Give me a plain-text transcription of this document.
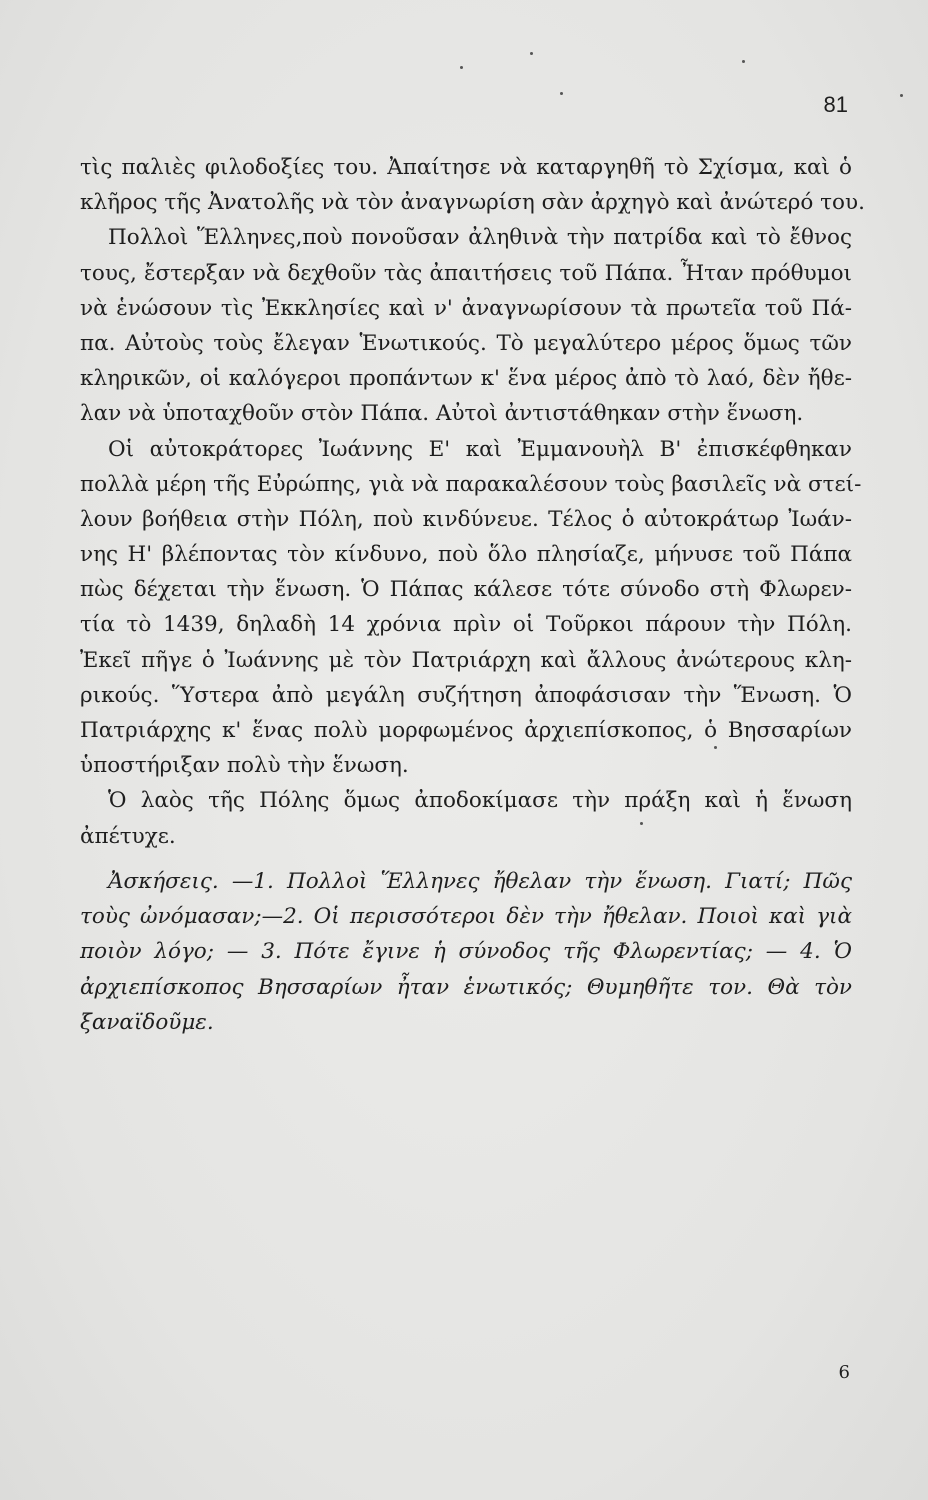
81
τὶς παλιὲς φιλοδοξίες του. Ἀπαίτησε νὰ καταργηθῆ τὸ Σχίσμα, καὶ ὁ
κλῆρος τῆς Ἀνατολῆς νὰ τὸν ἀναγνωρίση σὰν ἀρχηγὸ καὶ ἀνώτερό του.
Πολλοὶ Ἕλληνες,ποὺ πονοῦσαν ἀληθινὰ τὴν πατρίδα καὶ τὸ ἔθνος
τους, ἔστερξαν νὰ δεχθοῦν τὰς ἀπαιτήσεις τοῦ Πάπα. Ἦταν πρόθυμοι
νὰ ἑνώσουν τὶς Ἐκκλησίες καὶ ν' ἀναγνωρίσουν τὰ πρωτεῖα τοῦ Πά-
πα. Αὐτοὺς τοὺς ἔλεγαν Ἑνωτικούς. Τὸ μεγαλύτερο μέρος ὅμως τῶν
κληρικῶν, οἱ καλόγεροι προπάντων κ' ἕνα μέρος ἀπὸ τὸ λαό, δὲν ἤθε-
λαν νὰ ὑποταχθοῦν στὸν Πάπα. Αὐτοὶ ἀντιστάθηκαν στὴν ἕνωση.
Οἱ αὐτοκράτορες Ἰωάννης Ε' καὶ Ἐμμανουὴλ Β' ἐπισκέφθηκαν
πολλὰ μέρη τῆς Εὐρώπης, γιὰ νὰ παρακαλέσουν τοὺς βασιλεῖς νὰ στεί-
λουν βοήθεια στὴν Πόλη, ποὺ κινδύνευε. Τέλος ὁ αὐτοκράτωρ Ἰωάν-
νης Η' βλέποντας τὸν κίνδυνο, ποὺ ὅλο πλησίαζε, μήνυσε τοῦ Πάπα
πὼς δέχεται τὴν ἕνωση. Ὁ Πάπας κάλεσε τότε σύνοδο στὴ Φλωρεν-
τία τὸ 1439, δηλαδὴ 14 χρόνια πρὶν οἱ Τοῦρκοι πάρουν τὴν Πόλη.
Ἐκεῖ πῆγε ὁ Ἰωάννης μὲ τὸν Πατριάρχη καὶ ἄλλους ἀνώτερους κλη-
ρικούς. Ὕστερα ἀπὸ μεγάλη συζήτηση ἀποφάσισαν τὴν Ἕνωση. Ὁ
Πατριάρχης κ' ἕνας πολὺ μορφωμένος ἀρχιεπίσκοπος, ὁ Βησσαρίων
ὑποστήριξαν πολὺ τὴν ἕνωση.
Ὁ λαὸς τῆς Πόλης ὅμως ἀποδοκίμασε τὴν πράξη καὶ ἡ ἕνωση
ἀπέτυχε.
Ἀσκήσεις. —1. Πολλοὶ Ἕλληνες ἤθελαν τὴν ἕνωση. Γιατί; Πῶς
τοὺς ὠνόμασαν;—2. Οἱ περισσότεροι δὲν τὴν ἤθελαν. Ποιοὶ καὶ γιὰ
ποιὸν λόγο; — 3. Πότε ἔγινε ἡ σύνοδος τῆς Φλωρεντίας; — 4. Ὁ
ἀρχιεπίσκοπος Βησσαρίων ἦταν ἑνωτικός; Θυμηθῆτε τον. Θὰ τὸν
ξαναϊδοῦμε.
6
